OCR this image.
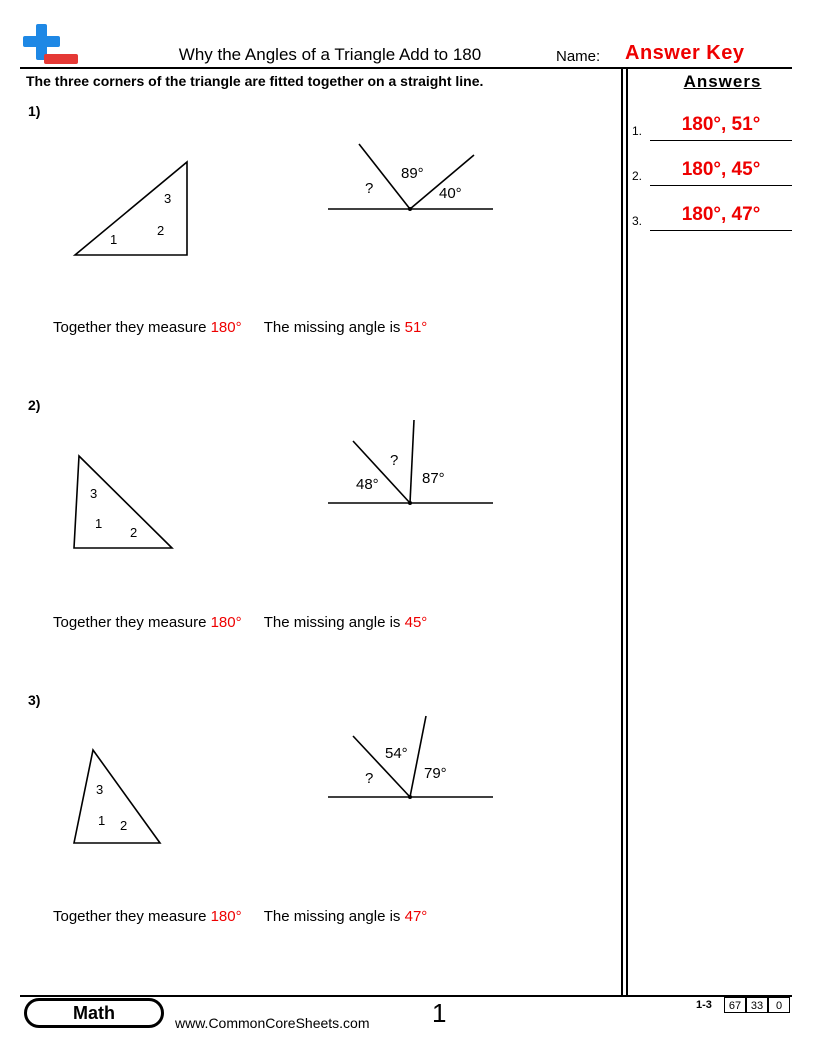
Why the Angles of a Triangle Add to 180	Name: Answer Key
The three corners of the triangle are fitted together on a straight line.	Answers
1.	180°, 51°
2.	180°, 45°
3.	180°, 47°
1)
1
2
3
?
89°
40°
Together they measure 180° The missing angle is 51°
2)
1
2
3
48°
?
87°
Together they measure 180° The missing angle is 45°
3)
1 2
3
?
54°
79°
Together they measure 180° The missing angle is 47°
Math	www.CommonCoreSheets.com 1	1-3	67 33	0
